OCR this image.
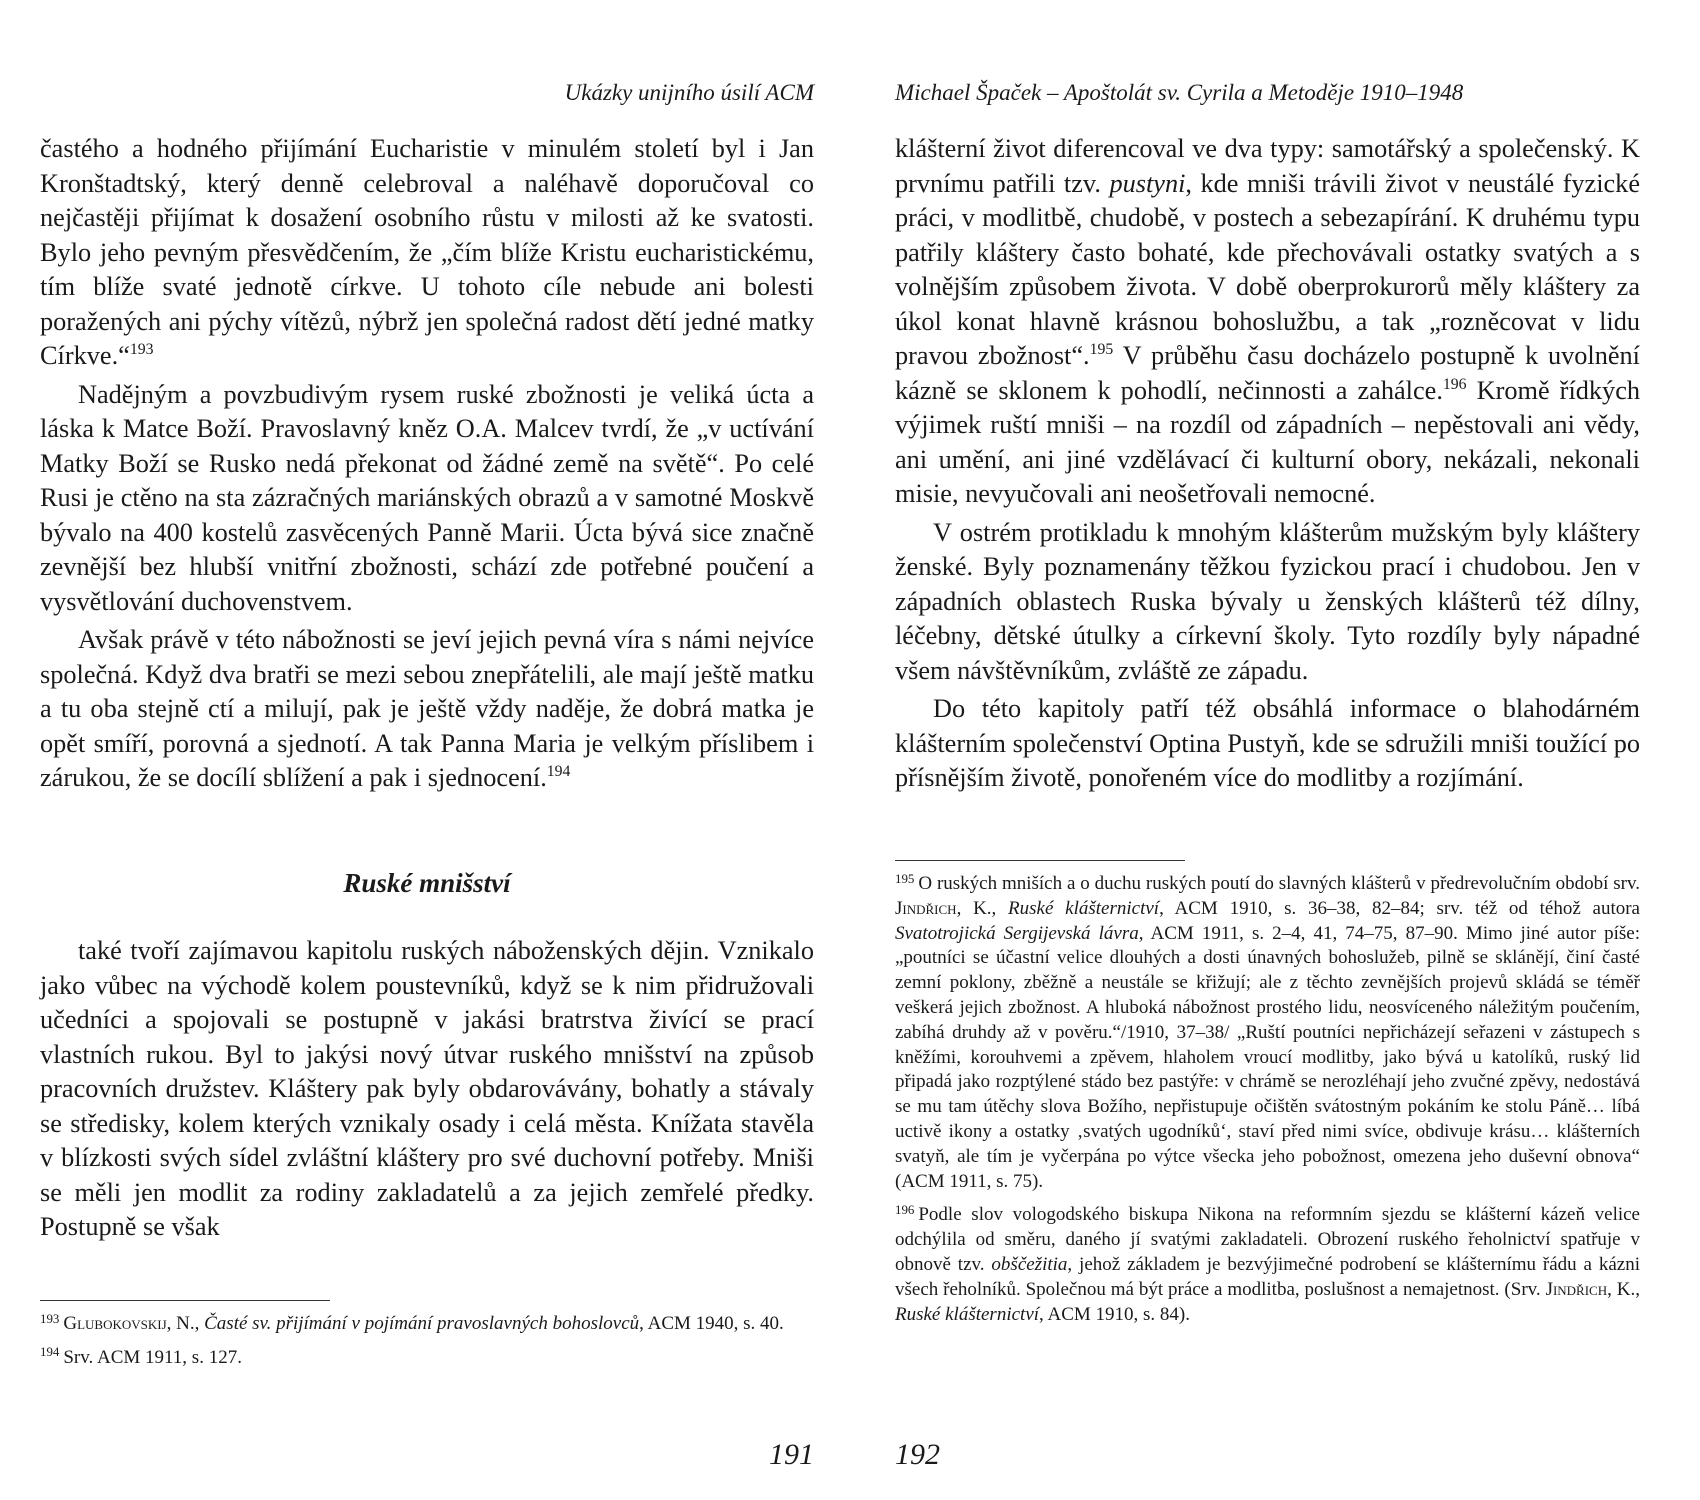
Ukázky unijního úsilí ACM

častého a hodného přijímání Eucharistie v minulém století byl i Jan Kronštadtský, který denně celebroval a naléhavě doporučoval co nejčastěji přijímat k dosažení osobního růstu v milosti až ke svatosti. Bylo jeho pevným přesvědčením, že „čím blíže Kristu eucharistickému, tím blíže svaté jednotě církve. U tohoto cíle nebude ani bolesti poražených ani pýchy vítězů, nýbrž jen společná radost dětí jedné matky Církve.“$^{193}$

Nadějným a povzbudivým rysem ruské zbožnosti je veliká úcta a láska k Matce Boží. Pravoslavný kněz O.A. Malcev tvrdí, že „v uctívání Matky Boží se Rusko nedá překonat od žádné země na světě“. Po celé Rusi je ctěno na sta zázračných mariánských obrazů a v samotné Moskvě bývalo na 400 kostelů zasvěcených Panně Marii. Úcta bývá sice značně zevnější bez hlubší vnitřní zbožnosti, schází zde potřebné poučení a vysvětlování duchovenstvem.

Avšak právě v této nábožnosti se jeví jejich pevná víra s námi nejvíce společná. Když dva bratři se mezi sebou znepřátelili, ale mají ještě matku a tu oba stejně ctí a milují, pak je ještě vždy naděje, že dobrá matka je opět smíří, porovná a sjednotí. A tak Panna Maria je velkým příslibem i zárukou, že se docílí sblížení a pak i sjednocení.$^{194}$

Ruské mnišství

také tvoří zajímavou kapitolu ruských náboženských dějin. Vznikalo jako vůbec na východě kolem poustevníků, když se k nim přidružovali učedníci a spojovali se postupně v jakási bratrstva živící se prací vlastních rukou. Byl to jakýsi nový útvar ruského mnišství na způsob pracovních družstev. Kláštery pak byly obdarovávány, bohatly a stávaly se středisky, kolem kterých vznikaly osady i celá města. Knížata stavěla v blízkosti svých sídel zvláštní kláštery pro své duchovní potřeby. Mniši se měli jen modlit za rodiny zakladatelů a za jejich zemřelé předky. Postupně se však

$^{193}$ Glubokovskij, N., Časté sv. přijímání v pojímání pravoslavných bohoslovců, ACM 1940, s. 40.

$^{194}$ Srv. ACM 1911, s. 127.

191
Michael Špaček – Apoštolát sv. Cyrila a Metoděje 1910–1948

klášterní život diferencoval ve dva typy: samotářský a společenský. K prvnímu patřili tzv. pustyni, kde mniši trávili život v neustálé fyzické práci, v modlitbě, chudobě, v postech a sebezapírání. K druhému typu patřily kláštery často bohaté, kde přechovávali ostatky svatých a s volnějším způsobem života. V době oberprokurorů měly kláštery za úkol konat hlavně krásnou bohoslužbu, a tak „rozněcovat v lidu pravou zbožnost“.$^{195}$ V průběhu času docházelo postupně k uvolnění kázně se sklonem k pohodlí, nečinnosti a zahálce.$^{196}$ Kromě řídkých výjimek ruští mniši – na rozdíl od západních – nepěstovali ani vědy, ani umění, ani jiné vzdělávací či kulturní obory, nekázali, nekonali misie, nevyučovali ani neošetřovali nemocné.

V ostrém protikladu k mnohým klášterům mužským byly kláštery ženské. Byly poznamenány těžkou fyzickou prací i chudobou. Jen v západních oblastech Ruska bývaly u ženských klášterů též dílny, léčebny, dětské útulky a církevní školy. Tyto rozdíly byly nápadné všem návštěvníkům, zvláště ze západu.

Do této kapitoly patří též obsáhlá informace o blahodárném klášterním společenství Optina Pustyň, kde se sdružili mniši toužící po přísnějším životě, ponořeném více do modlitby a rozjímání.

$^{195}$ O ruských mniších a o duchu ruských poutí do slavných klášterů v předrevolučním období srv. Jindřich, K., Ruské klášternictví, ACM 1910, s. 36–38, 82–84; srv. též od téhož autora Svatotrojická Sergijevská lávra, ACM 1911, s. 2–4, 41, 74–75, 87–90. Mimo jiné autor píše: „poutníci se účastní velice dlouhých a dosti únavných bohoslužeb, pilně se sklánějí, činí časté zemní poklony, zběžně a neustále se křižují; ale z těchto zevnějších projevů skládá se téměř veškerá jejich zbožnost. A hluboká nábožnost prostého lidu, neosvíceného náležitým poučením, zabíhá druhdy až v pověru.“/1910, 37–38/ „Ruští poutníci nepřicházejí seřazeni v zástupech s kněžími, korouhvemi a zpěvem, hlaholem vroucí modlitby, jako bývá u katolíků, ruský lid připadá jako rozptýlené stádo bez pastýře: v chrámě se nerozléhají jeho zvučné zpěvy, nedostává se mu tam útěchy slova Božího, nepřistupuje očištěn svátostným pokáním ke stolu Páně… líbá uctivě ikony a ostatky ‚svatých ugodníků‘, staví před nimi svíce, obdivuje krásu… klášterních svatyň, ale tím je vyčerpána po výtce všecka jeho pobožnost, omezena jeho duševní obnova“ (ACM 1911, s. 75).

$^{196}$ Podle slov vologodského biskupa Nikona na reformním sjezdu se klášterní kázeň velice odchýlila od směru, daného jí svatými zakladateli. Obrození ruského řeholnictví spatřuje v obnově tzv. obščežitia, jehož základem je bezvýjimečné podrobení se klášternímu řádu a kázni všech řeholníků. Společnou má být práce a modlitba, poslušnost a nemajetnost. (Srv. Jindřich, K., Ruské klášternictví, ACM 1910, s. 84).

192
